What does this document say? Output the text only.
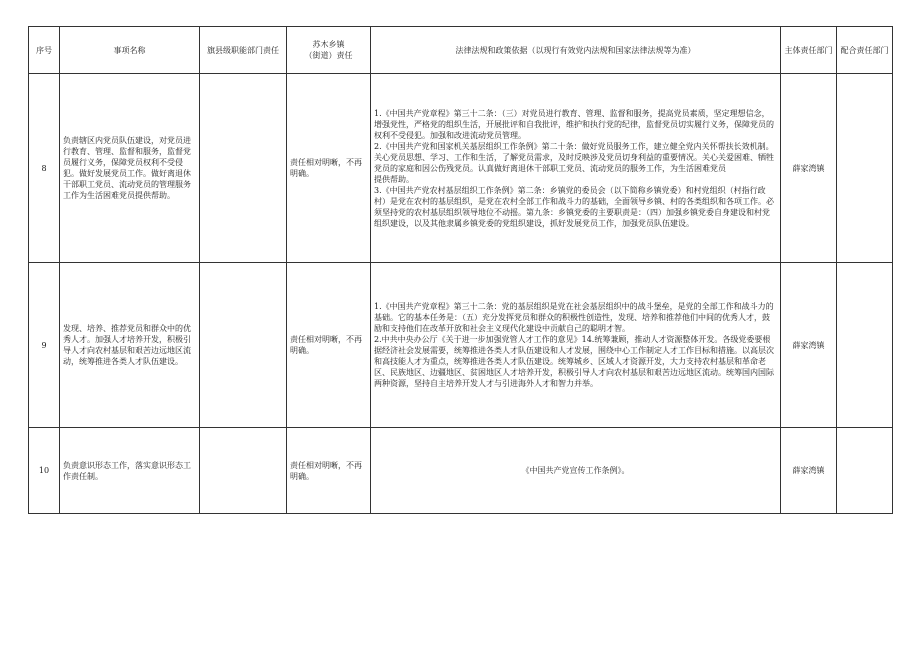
序号	事项名称	旗县级职能部门责任	苏木乡镇
（街道）责任	法律法规和政策依据（以现行有效党内法规和国家法律法规等为准）	主体责任部门	配合责任部门
8	负责辖区内党员队伍建设，对党员进行教育、管理、监督和服务，监督党员履行义务，保障党员权利不受侵犯。做好发展党员工作。做好离退休干部职工党员、流动党员的管理服务工作为生活困难党员提供帮助。		责任相对明晰，不再明确。	1.《中国共产党章程》第三十二条：（三）对党员进行教育、管理、监督和服务，提高党员素质，坚定理想信念，增强党性，严格党的组织生活，开展批评和自我批评，维护和执行党的纪律，监督党员切实履行义务，保障党员的权利不受侵犯。加强和改进流动党员管理。
2.《中国共产党和国家机关基层组织工作条例》第二十条：做好党员服务工作，建立健全党内关怀帮扶长效机制。关心党员思想、学习、工作和生活，了解党员需求，及时反映涉及党员切身利益的重要情况。关心关爱困难、牺牲党员的家庭和因公伤残党员。认真做好离退休干部职工党员、流动党员的服务工作，为生活困难党员
提供帮助。
3.《中国共产党农村基层组织工作条例》第二条：乡镇党的委员会（以下简称乡镇党委）和村党组织（村指行政村）是党在农村的基层组织，是党在农村全部工作和战斗力的基础，全面领导乡镇、村的各类组织和各项工作。必须坚持党的农村基层组织领导地位不动摇。第九条：乡镇党委的主要职责是：（四）加强乡镇党委自身建设和村党组织建设，以及其他隶属乡镇党委的党组织建设，抓好发展党员工作，加强党员队伍建设。	薛家湾镇	
9	发现、培养、推荐党员和群众中的优秀人才。加强人才培养开发，积极引导人才向农村基层和艰苦边远地区流动，统筹推进各类人才队伍建设。		责任相对明晰，不再明确。	1.《中国共产党章程》第三十二条：党的基层组织是党在社会基层组织中的战斗堡垒，是党的全部工作和战斗力的基础。它的基本任务是：（五）充分发挥党员和群众的积极性创造性，发现、培养和推荐他们中间的优秀人才，鼓励和支持他们在改革开放和社会主义现代化建设中贡献自己的聪明才智。
2.中共中央办公厅《关于进一步加强党管人才工作的意见》14.统筹兼顾，推动人才资源整体开发。各级党委要根据经济社会发展需要，统筹推进各类人才队伍建设和人才发展，围绕中心工作制定人才工作目标和措施。以高层次和高技能人才为重点，统筹推进各类人才队伍建设。统筹城乡、区域人才资源开发，大力支持农村基层和革命老区、民族地区、边疆地区、贫困地区人才培养开发，积极引导人才向农村基层和艰苦边远地区流动。统筹国内国际两种资源，坚持自主培养开发人才与引进海外人才和智力并举。	薛家湾镇	
10	负责意识形态工作，落实意识形态工作责任制。		责任相对明晰，不再明确。	《中国共产党宣传工作条例》。	薛家湾镇	
